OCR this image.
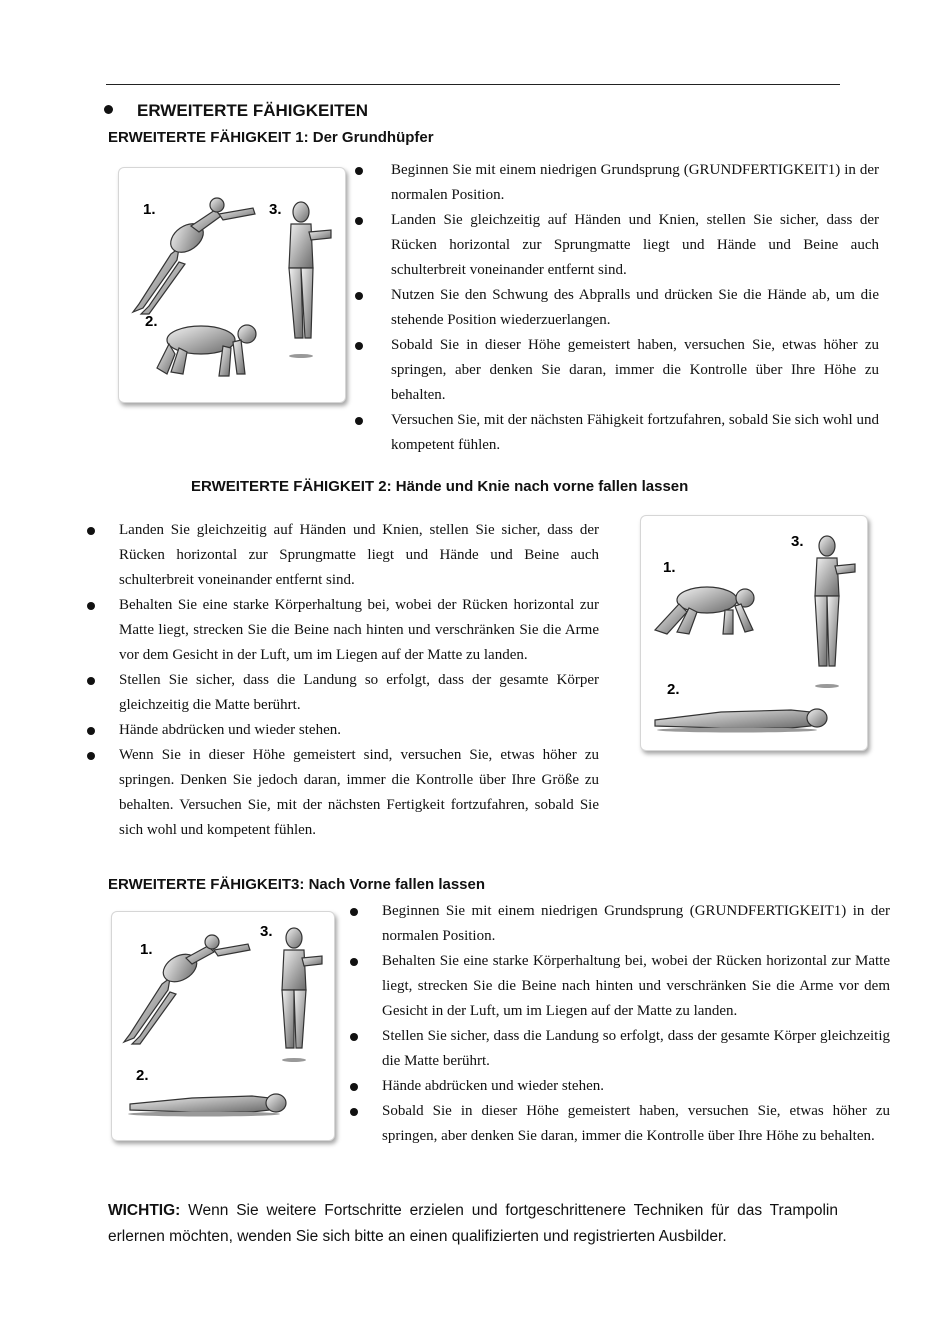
ERWEITERTE FÄHIGKEITEN
ERWEITERTE FÄHIGKEIT 1: Der Grundhüpfer
1.
2.
3.
Beginnen Sie mit einem niedrigen Grundsprung (GRUNDFERTIGKEIT1) in der normalen Position.
Landen Sie gleichzeitig auf Händen und Knien, stellen Sie sicher, dass der Rücken horizontal zur Sprungmatte liegt und Hände und Beine auch schulterbreit voneinander entfernt sind.
Nutzen Sie den Schwung des Abpralls und drücken Sie die Hände ab, um die stehende Position wiederzuerlangen.
Sobald Sie in dieser Höhe gemeistert haben, versuchen Sie, etwas höher zu springen, aber denken Sie daran, immer die Kontrolle über Ihre Höhe zu behalten.
Versuchen Sie, mit der nächsten Fähigkeit fortzufahren, sobald Sie sich wohl und kompetent fühlen.
ERWEITERTE FÄHIGKEIT 2: Hände und Knie nach vorne fallen lassen
Landen Sie gleichzeitig auf Händen und Knien, stellen Sie sicher, dass der Rücken horizontal zur Sprungmatte liegt und Hände und Beine auch schulterbreit voneinander entfernt sind.
Behalten Sie eine starke Körperhaltung bei, wobei der Rücken horizontal zur Matte liegt, strecken Sie die Beine nach hinten und verschränken Sie die Arme vor dem Gesicht in der Luft, um im Liegen auf der Matte zu landen.
Stellen Sie sicher, dass die Landung so erfolgt, dass der gesamte Körper gleichzeitig die Matte berührt.
Hände abdrücken und wieder stehen.
Wenn Sie in dieser Höhe gemeistert sind, versuchen Sie, etwas höher zu springen. Denken Sie jedoch daran, immer die Kontrolle über Ihre Größe zu behalten. Versuchen Sie, mit der nächsten Fertigkeit fortzufahren, sobald Sie sich wohl und kompetent fühlen.
1.
2.
3.
ERWEITERTE FÄHIGKEIT3: Nach Vorne fallen lassen
1.
2.
3.
Beginnen Sie mit einem niedrigen Grundsprung (GRUNDFERTIGKEIT1) in der normalen Position.
Behalten Sie eine starke Körperhaltung bei, wobei der Rücken horizontal zur Matte liegt, strecken Sie die Beine nach hinten und verschränken Sie die Arme vor dem Gesicht in der Luft, um im Liegen auf der Matte zu landen.
Stellen Sie sicher, dass die Landung so erfolgt, dass der gesamte Körper gleichzeitig die Matte berührt.
Hände abdrücken und wieder stehen.
Sobald Sie in dieser Höhe gemeistert haben, versuchen Sie, etwas höher zu springen, aber denken Sie daran, immer die Kontrolle über Ihre Höhe zu behalten.
WICHTIG: Wenn Sie weitere Fortschritte erzielen und fortgeschrittenere Techniken für das Trampolin erlernen möchten, wenden Sie sich bitte an einen qualifizierten und registrierten Ausbilder.
